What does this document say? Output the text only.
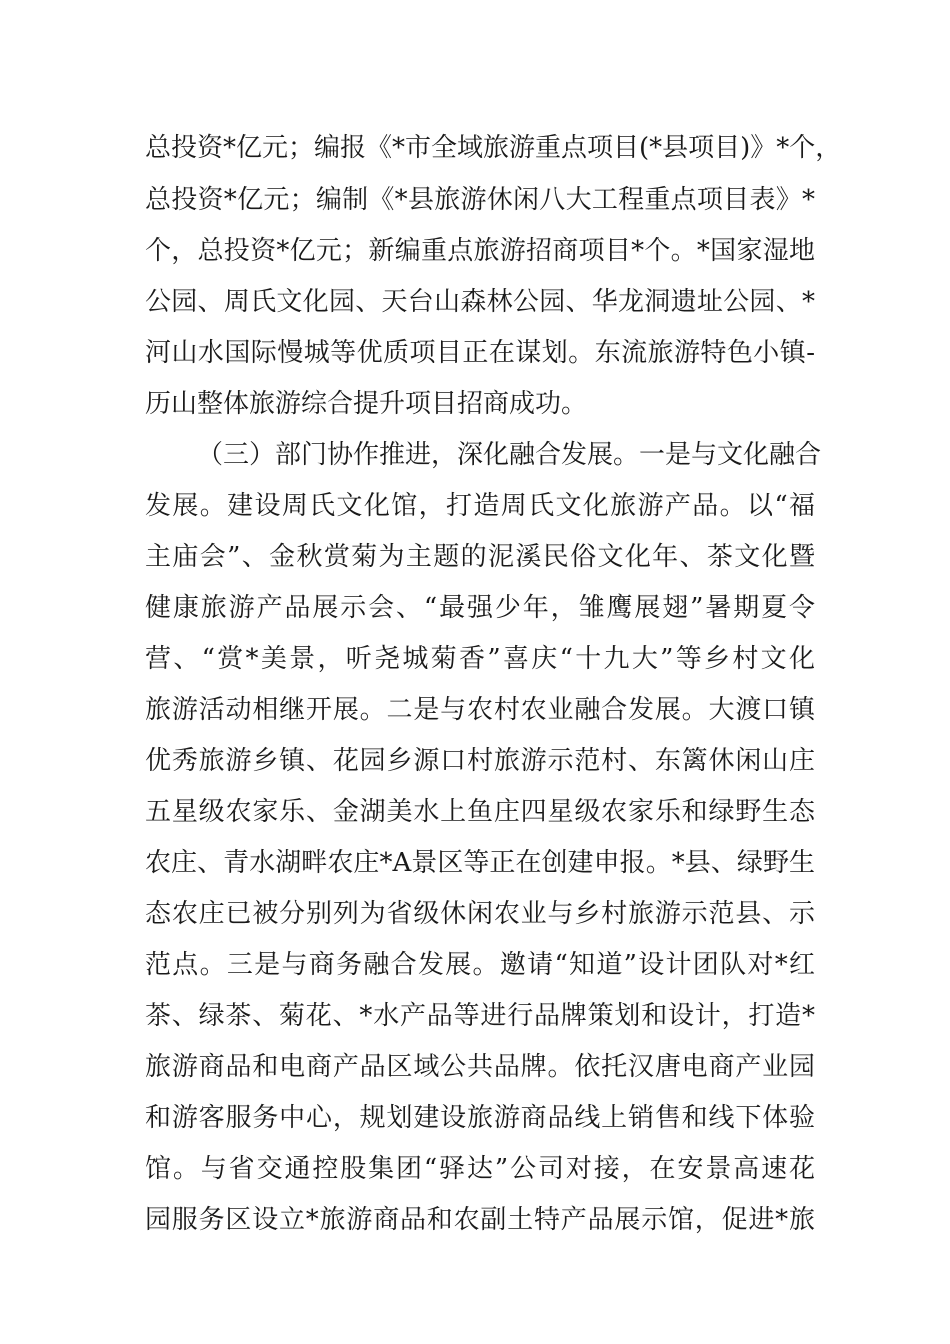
总投资*亿元；编报《*市全域旅游重点项目(*县项目)》*个，
总投资*亿元；编制《*县旅游休闲八大工程重点项目表》*
个，总投资*亿元；新编重点旅游招商项目*个。*国家湿地
公园、周氏文化园、天台山森林公园、华龙洞遗址公园、*
河山水国际慢城等优质项目正在谋划。东流旅游特色小镇-
历山整体旅游综合提升项目招商成功。
（三）部门协作推进，深化融合发展。一是与文化融合
发展。建设周氏文化馆，打造周氏文化旅游产品。以“福
主庙会”、金秋赏菊为主题的泥溪民俗文化年、茶文化暨
健康旅游产品展示会、“最强少年，雏鹰展翅”暑期夏令
营、“赏*美景，听尧城菊香”喜庆“十九大”等乡村文化
旅游活动相继开展。二是与农村农业融合发展。大渡口镇
优秀旅游乡镇、花园乡源口村旅游示范村、东篱休闲山庄
五星级农家乐、金湖美水上鱼庄四星级农家乐和绿野生态
农庄、青水湖畔农庄*A景区等正在创建申报。*县、绿野生
态农庄已被分别列为省级休闲农业与乡村旅游示范县、示
范点。三是与商务融合发展。邀请“知道”设计团队对*红
茶、绿茶、菊花、*水产品等进行品牌策划和设计，打造*
旅游商品和电商产品区域公共品牌。依托汉唐电商产业园
和游客服务中心，规划建设旅游商品线上销售和线下体验
馆。与省交通控股集团“驿达”公司对接，在安景高速花
园服务区设立*旅游商品和农副土特产品展示馆，促进*旅
